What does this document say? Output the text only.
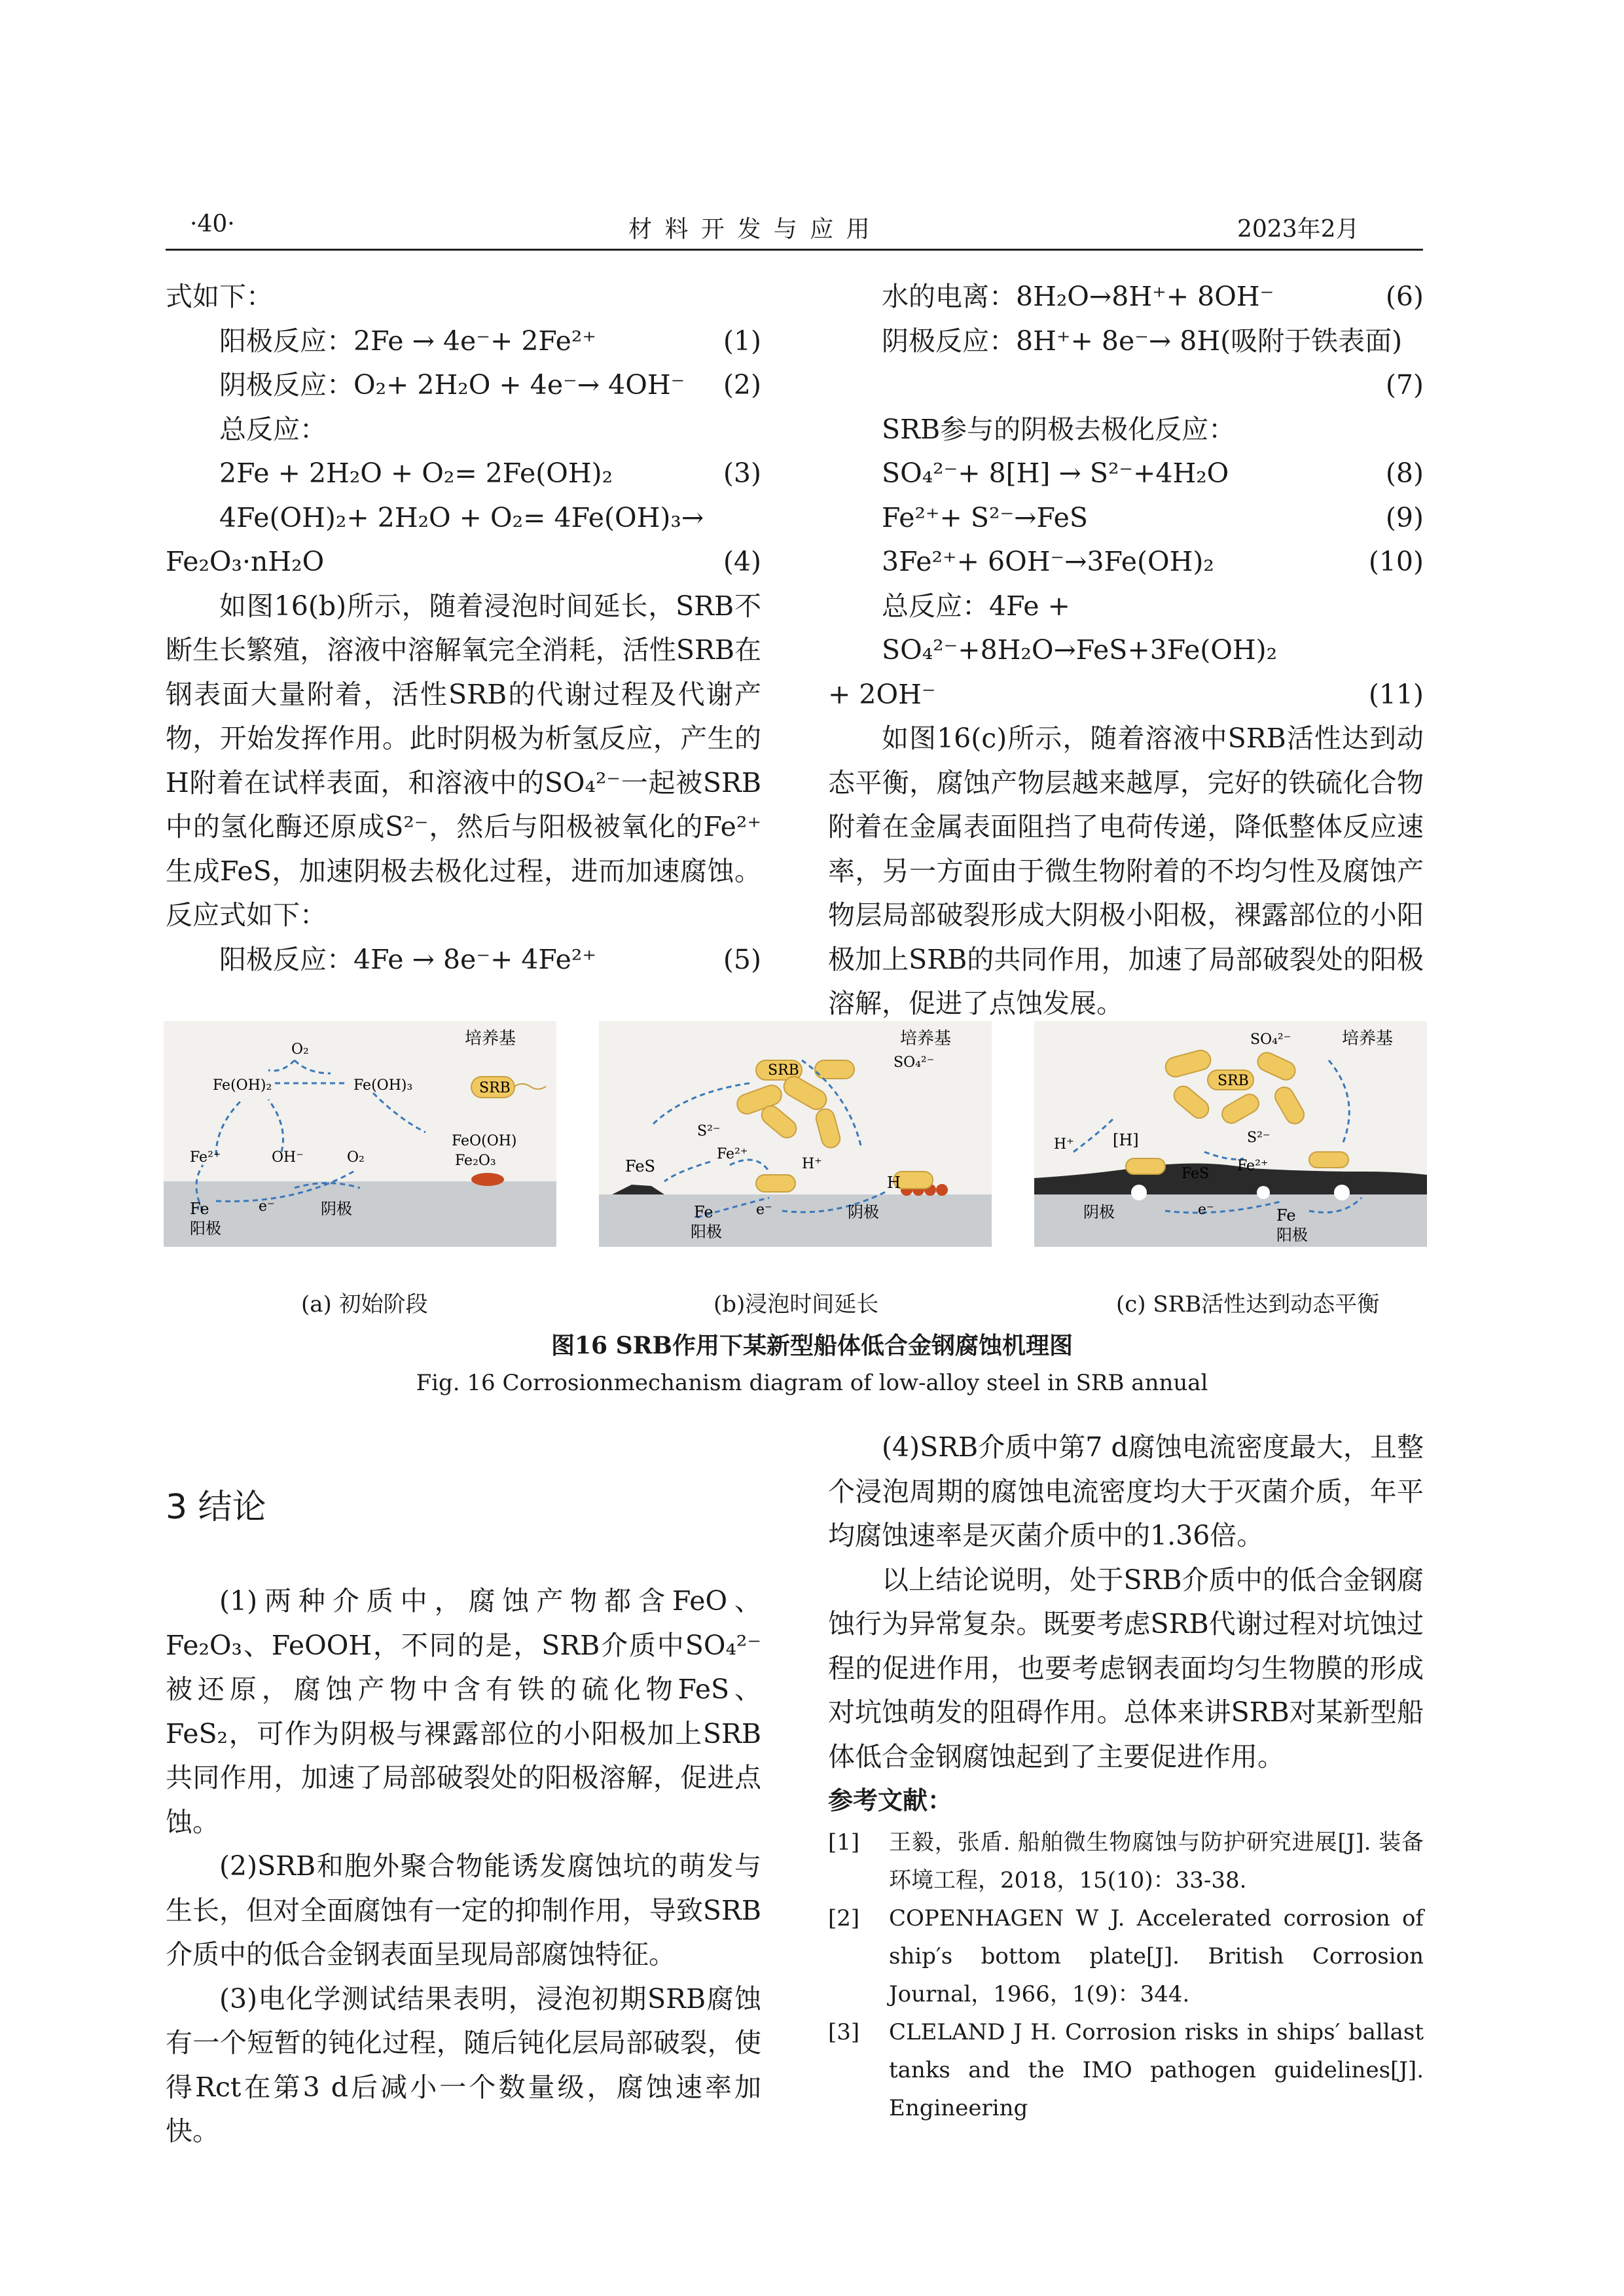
·40·	材 料 开 发 与 应 用	2023年2月

式如下：

阳极反应：2Fe → 4e⁻+ 2Fe²⁺	(1)

阴极反应：O₂+ 2H₂O + 4e⁻→ 4OH⁻ (2)

总反应：

2Fe + 2H₂O + O₂= 2Fe(OH)₂	(3)

4Fe(OH)₂+ 2H₂O + O₂= 4Fe(OH)₃→

Fe₂O₃·nH₂O	(4)

如图16(b)所示，随着浸泡时间延长，SRB不断生长繁殖，溶液中溶解氧完全消耗，活性SRB在钢表面大量附着，活性SRB的代谢过程及代谢产物，开始发挥作用。此时阴极为析氢反应，产生的H附着在试样表面，和溶液中的SO₄²⁻一起被SRB中的氢化酶还原成S²⁻，然后与阳极被氧化的Fe²⁺生成FeS，加速阴极去极化过程，进而加速腐蚀。反应式如下：

阳极反应：4Fe → 8e⁻+ 4Fe²⁺	(5)

水的电离：8H₂O→8H⁺+ 8OH⁻	(6)

阴极反应：8H⁺+ 8e⁻→ 8H(吸附于铁表面)

(7)

SRB参与的阴极去极化反应：

SO₄²⁻+ 8[H] → S²⁻+4H₂O	(8)

Fe²⁺+ S²⁻→FeS	(9)

3Fe²⁺+ 6OH⁻→3Fe(OH)₂	(10)

总反应：4Fe + SO₄²⁻+8H₂O→FeS+3Fe(OH)₂

+ 2OH⁻	(11)

如图16(c)所示，随着溶液中SRB活性达到动态平衡，腐蚀产物层越来越厚，完好的铁硫化合物附着在金属表面阻挡了电荷传递，降低整体反应速率，另一方面由于微生物附着的不均匀性及腐蚀产物层局部破裂形成大阴极小阳极，裸露部位的小阳极加上SRB的共同作用，加速了局部破裂处的阳极溶解，促进了点蚀发展。

O₂
培养基
Fe(OH)₂	Fe(OH)₃	SRB
FeO(OH)
Fe₂O₃
Fe²⁺	OH⁻	O₂
Fe	e⁻	阴极
阳极
培养基
SO₄²⁻
SRB
S²⁻
FeS
Fe²⁺
H⁺
H
Fe	e⁻	阴极
阳极
SO₄²⁻	培养基
SRB
H⁺ [H]	S²⁻
FeS Fe²⁺
阴极	e⁻	Fe
阳极
(a) 初始阶段	(b)浸泡时间延长	(c) SRB活性达到动态平衡
图16 SRB作用下某新型船体低合金钢腐蚀机理图
Fig. 16 Corrosionmechanism diagram of low-alloy steel in SRB annual
3 结论

(1)两种介质中，腐蚀产物都含FeO、Fe₂O₃、FeOOH，不同的是，SRB介质中SO₄²⁻被还原，腐蚀产物中含有铁的硫化物FeS、FeS₂，可作为阴极与裸露部位的小阳极加上SRB共同作用，加速了局部破裂处的阳极溶解，促进点蚀。

(2)SRB和胞外聚合物能诱发腐蚀坑的萌发与生长，但对全面腐蚀有一定的抑制作用，导致SRB介质中的低合金钢表面呈现局部腐蚀特征。

(3)电化学测试结果表明，浸泡初期SRB腐蚀有一个短暂的钝化过程，随后钝化层局部破裂，使得Rct在第3 d后减小一个数量级，腐蚀速率加快。

(4)SRB介质中第7 d腐蚀电流密度最大，且整个浸泡周期的腐蚀电流密度均大于灭菌介质，年平均腐蚀速率是灭菌介质中的1.36倍。

以上结论说明，处于SRB介质中的低合金钢腐蚀行为异常复杂。既要考虑SRB代谢过程对坑蚀过程的促进作用，也要考虑钢表面均匀生物膜的形成对坑蚀萌发的阻碍作用。总体来讲SRB对某新型船体低合金钢腐蚀起到了主要促进作用。

参考文献：

[1]	王毅，张盾. 船舶微生物腐蚀与防护研究进展[J]. 装备环境工程，2018，15(10)：33-38.
[2]	COPENHAGEN W J. Accelerated corrosion of ship′s bottom plate[J]. British Corrosion Journal，1966，1(9)：344.
[3]	CLELAND J H. Corrosion risks in ships′ ballast tanks and the IMO pathogen guidelines[J]. Engineering
